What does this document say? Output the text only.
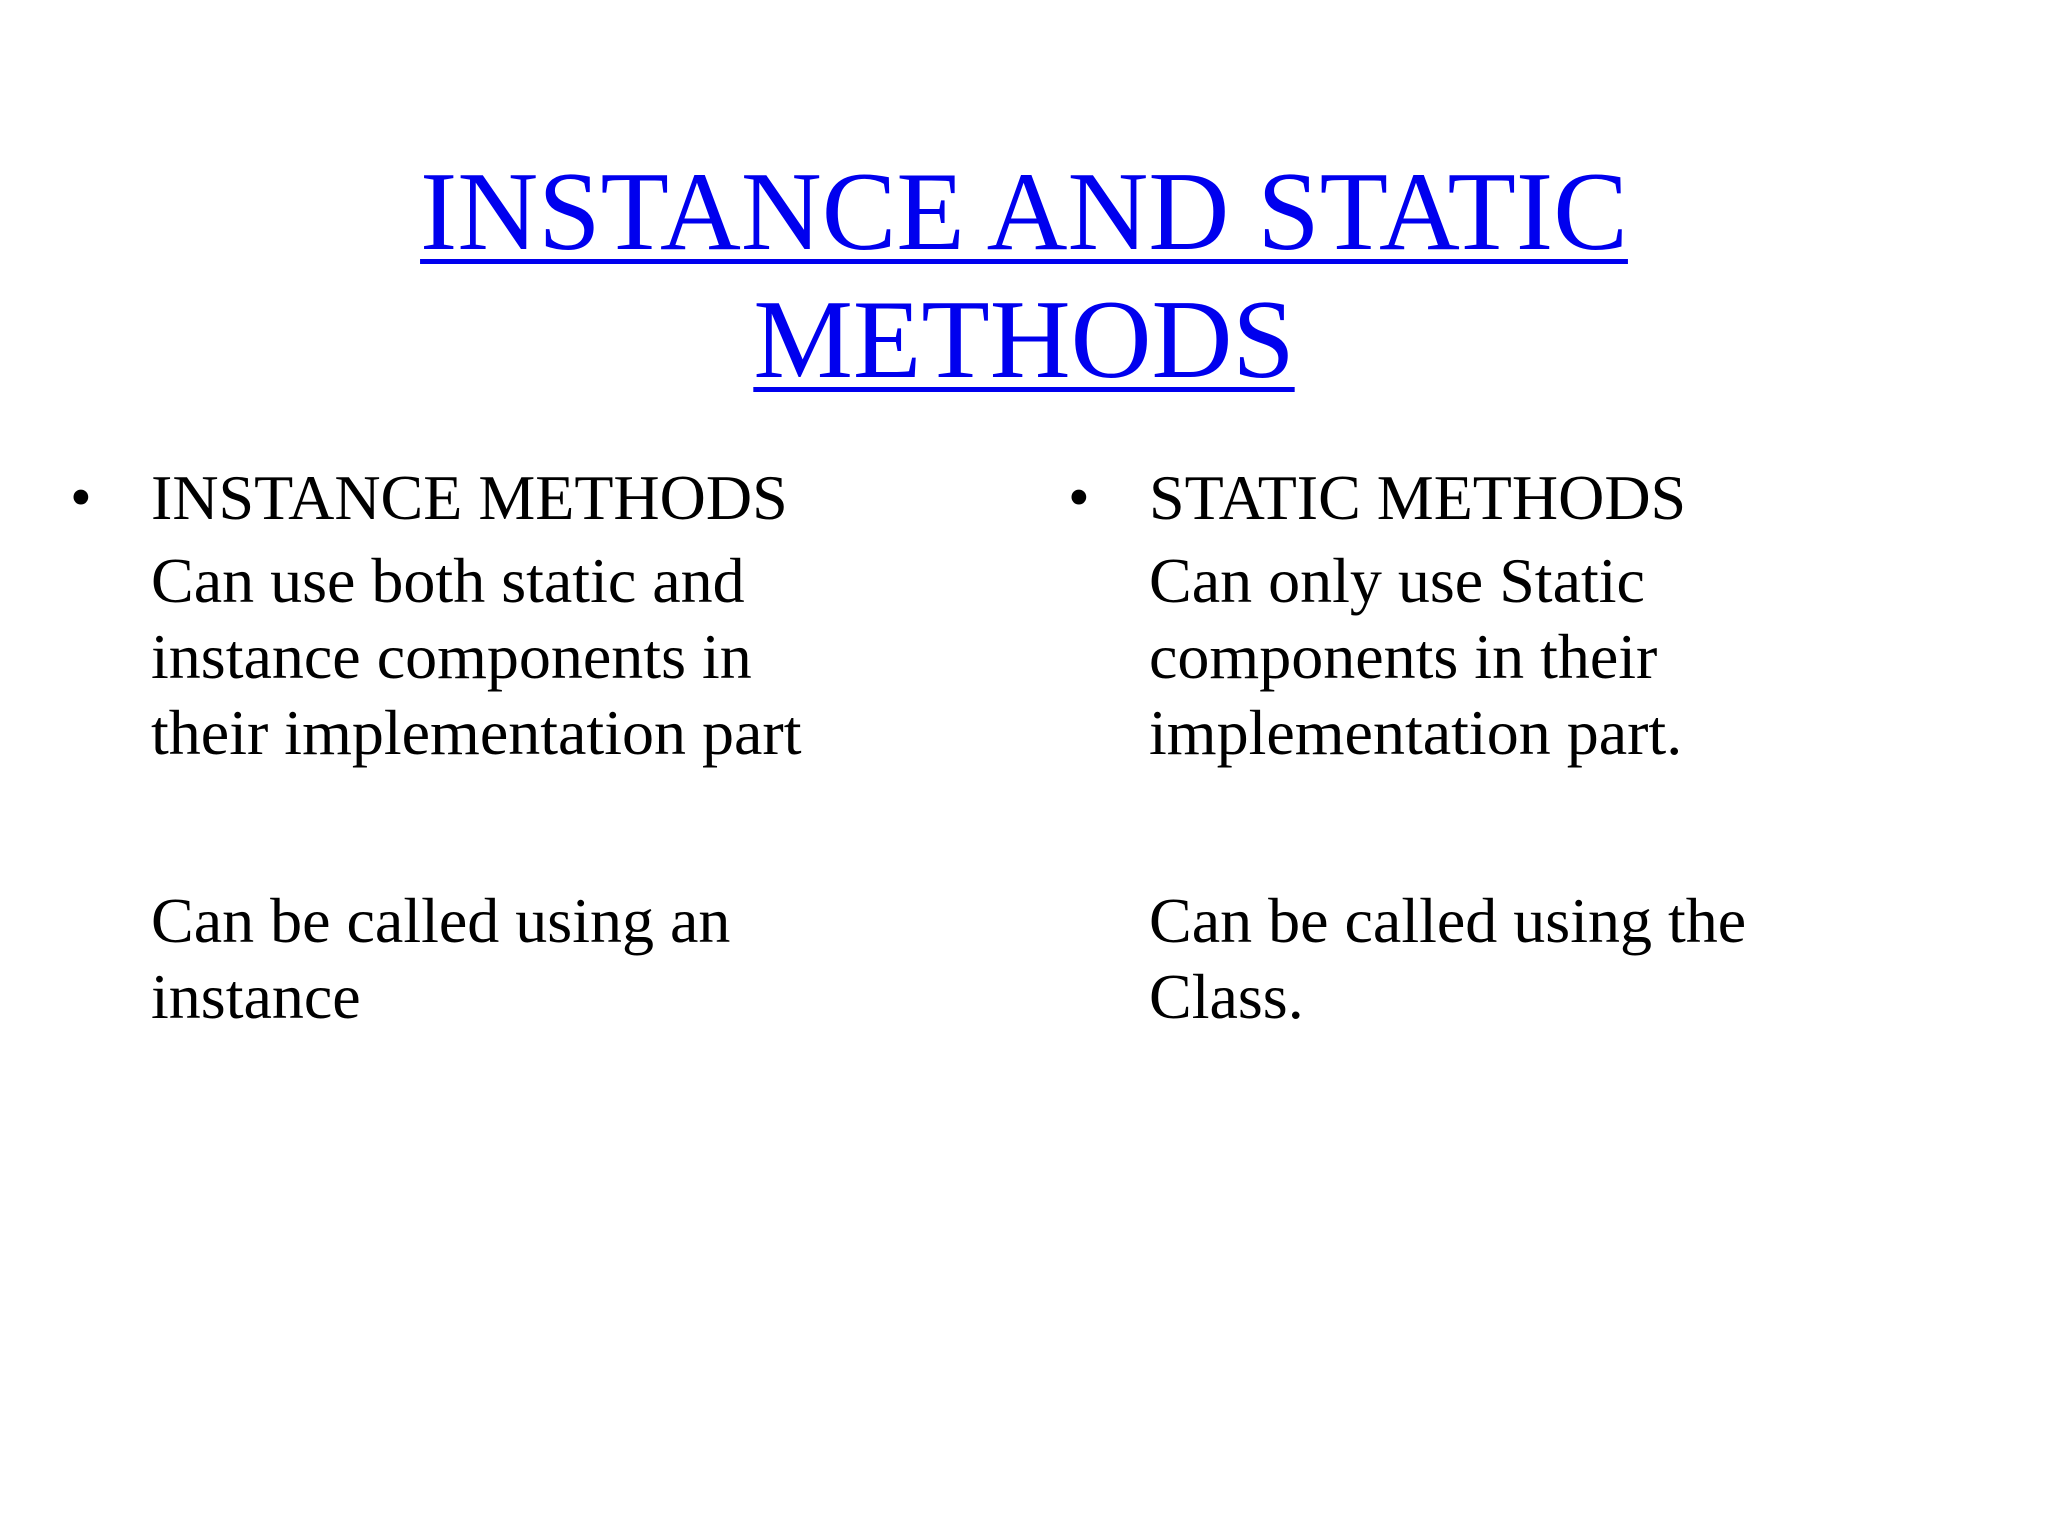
INSTANCE AND STATIC
METHODS
• INSTANCE METHODS
Can use both static and
instance components in
their implementation part
Can be called using an
instance
• STATIC METHODS
Can only use Static
components in their
implementation part.
Can be called using the
Class.
